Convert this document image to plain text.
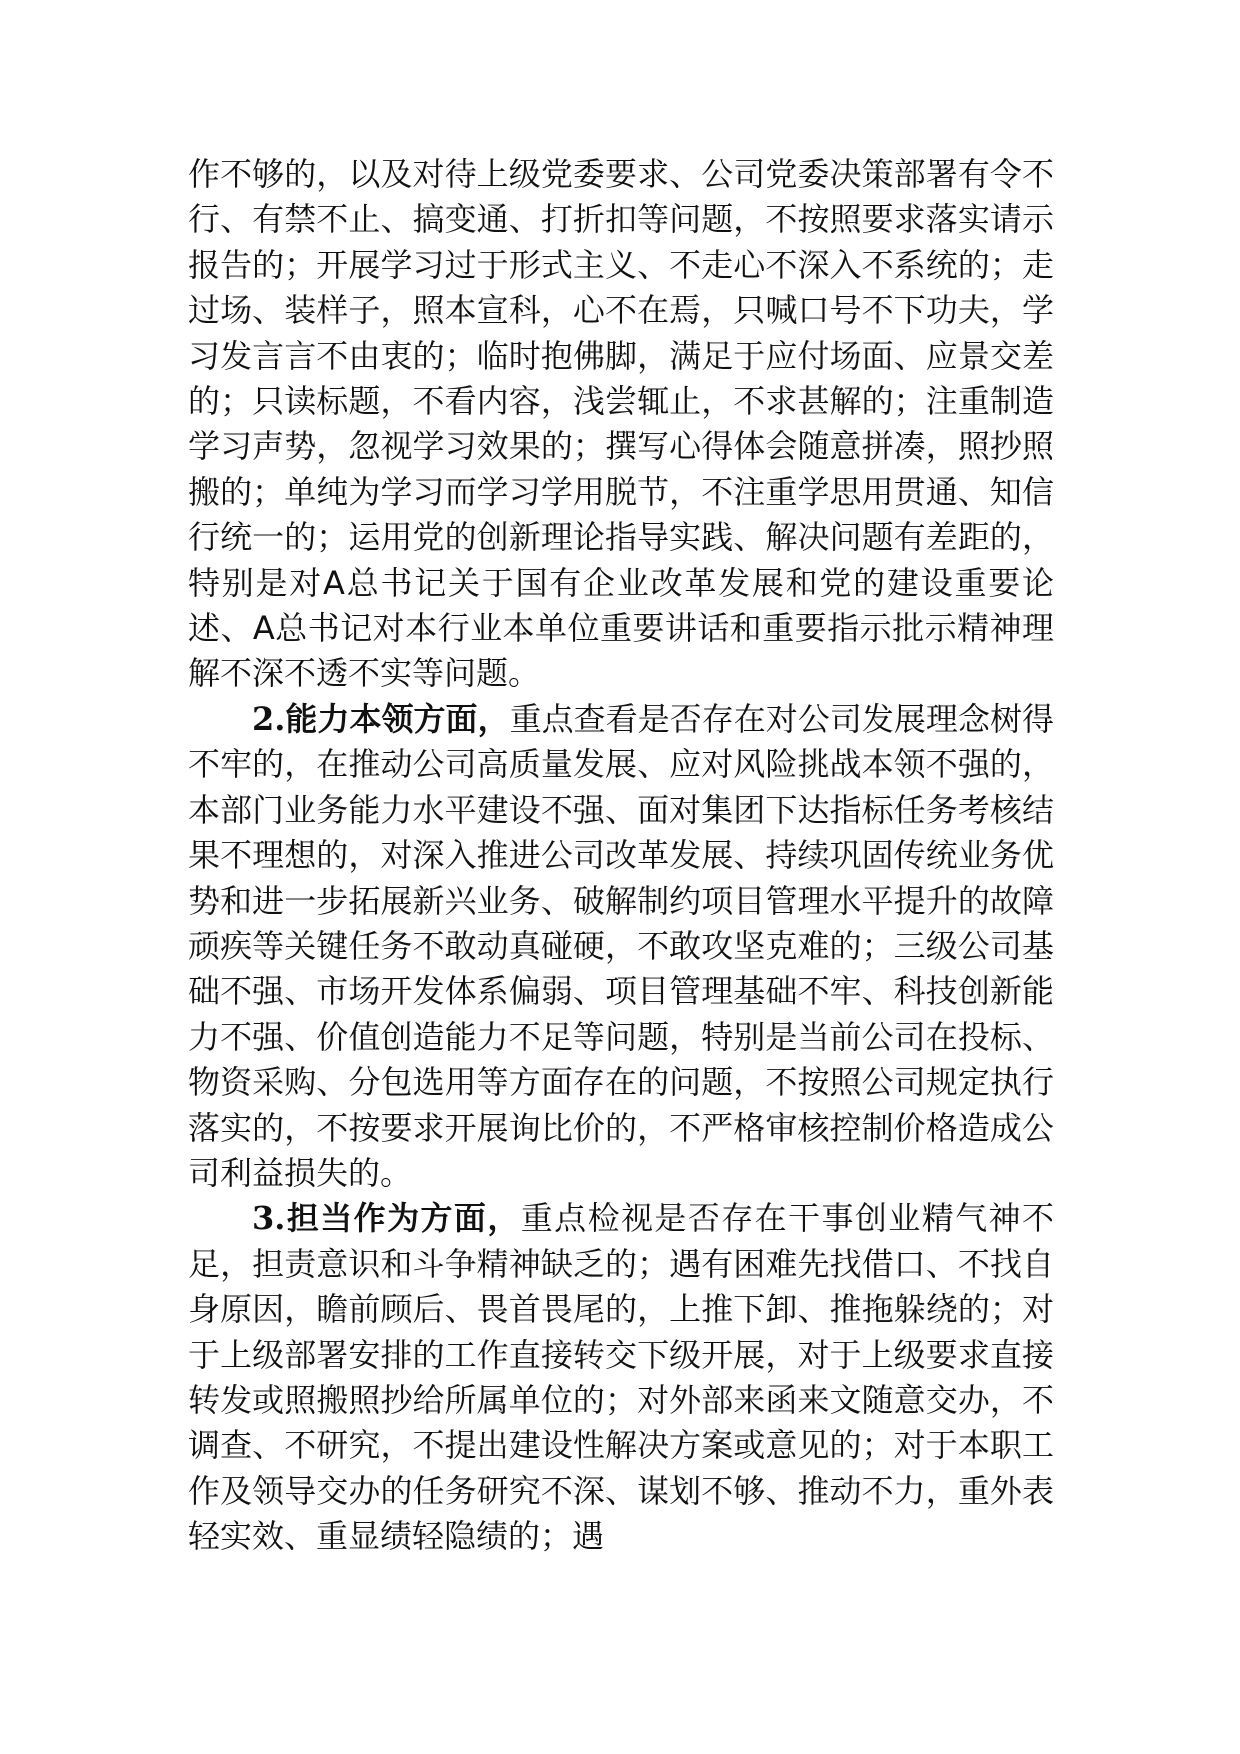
作不够的，以及对待上级党委要求、公司党委决策部署有令不行、有禁不止、搞变通、打折扣等问题，不按照要求落实请示报告的；开展学习过于形式主义、不走心不深入不系统的；走过场、装样子，照本宣科，心不在焉，只喊口号不下功夫，学习发言言不由衷的；临时抱佛脚，满足于应付场面、应景交差的；只读标题，不看内容，浅尝辄止，不求甚解的；注重制造学习声势，忽视学习效果的；撰写心得体会随意拼凑，照抄照搬的；单纯为学习而学习学用脱节，不注重学思用贯通、知信行统一的；运用党的创新理论指导实践、解决问题有差距的，特别是对A总书记关于国有企业改革发展和党的建设重要论述、A总书记对本行业本单位重要讲话和重要指示批示精神理解不深不透不实等问题。

2.能力本领方面，重点查看是否存在对公司发展理念树得不牢的，在推动公司高质量发展、应对风险挑战本领不强的，本部门业务能力水平建设不强、面对集团下达指标任务考核结果不理想的，对深入推进公司改革发展、持续巩固传统业务优势和进一步拓展新兴业务、破解制约项目管理水平提升的故障顽疾等关键任务不敢动真碰硬，不敢攻坚克难的；三级公司基础不强、市场开发体系偏弱、项目管理基础不牢、科技创新能力不强、价值创造能力不足等问题，特别是当前公司在投标、物资采购、分包选用等方面存在的问题，不按照公司规定执行落实的，不按要求开展询比价的，不严格审核控制价格造成公司利益损失的。

3.担当作为方面，重点检视是否存在干事创业精气神不足，担责意识和斗争精神缺乏的；遇有困难先找借口、不找自身原因，瞻前顾后、畏首畏尾的，上推下卸、推拖躲绕的；对于上级部署安排的工作直接转交下级开展，对于上级要求直接转发或照搬照抄给所属单位的；对外部来函来文随意交办，不调查、不研究，不提出建设性解决方案或意见的；对于本职工作及领导交办的任务研究不深、谋划不够、推动不力，重外表轻实效、重显绩轻隐绩的；遇
